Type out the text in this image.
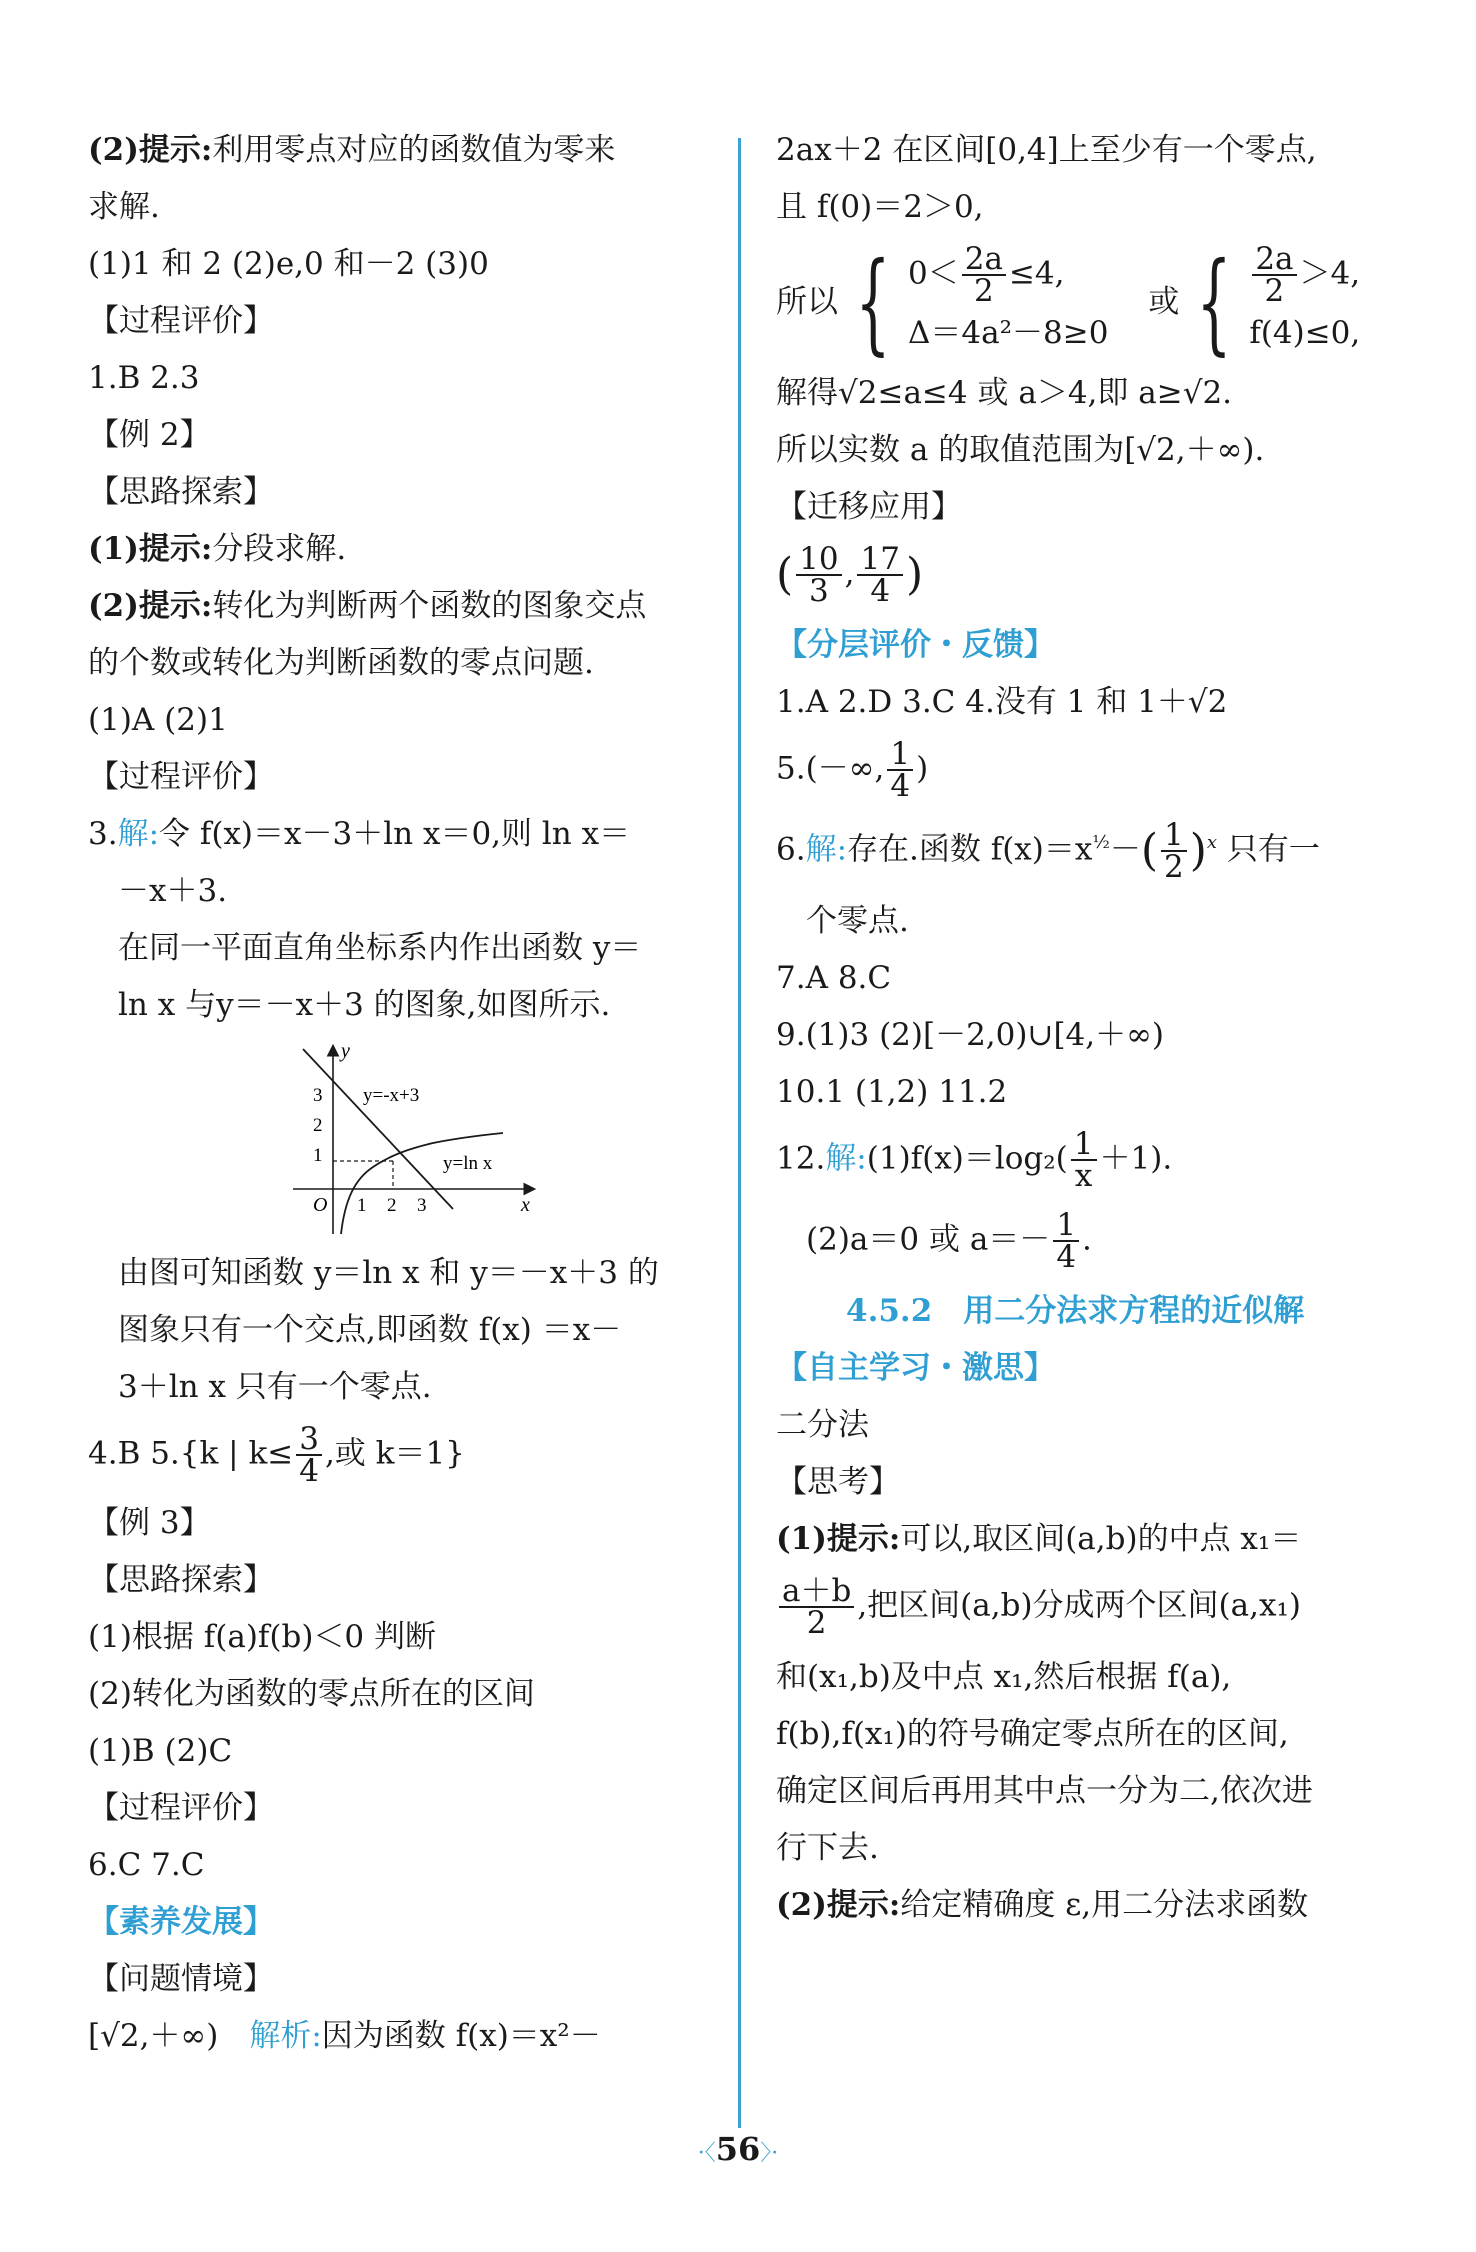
(2)提示:利用零点对应的函数值为零来
求解.
(1)1 和 2 (2)e,0 和－2 (3)0
【过程评价】
1.B 2.3
【例 2】
【思路探索】
(1)提示:分段求解.
(2)提示:转化为判断两个函数的图象交点
的个数或转化为判断函数的零点问题.
(1)A (2)1
【过程评价】
3.解:令 f(x)＝x－3＋ln x＝0,则 ln x＝
－x＋3.
在同一平面直角坐标系内作出函数 y＝
ln x 与y＝－x＋3 的图象,如图所示.
y
x
O
3
2
1
1 2 3
y=-x+3
y=ln x
由图可知函数 y＝ln x 和 y＝－x＋3 的
图象只有一个交点,即函数 f(x) ＝x－
3＋ln x 只有一个零点.
4.B 5.{k | $k\le \frac{3}{4}$ ,或 k＝1}
【例 3】
【思路探索】
(1)根据 f(a)f(b)＜0 判断
(2)转化为函数的零点所在的区间
(1)B (2)C
【过程评价】
6.C 7.C
【素养发展】
【问题情境】
[√2,＋∞)　 解析:因为函数 f(x)＝x²－
2ax＋2 在区间[0,4]上至少有一个零点,
且 f(0)＝2＞0,
所以 { $0< \frac{2a}{2} \le 4$,
Δ＝4a²－8≥0
或 { $\frac{2a}{2} >4$,
f(4)≤0,
解得√2≤a≤4 或 a＞4,即 a≥√2.
所以实数 a 的取值范围为[√2,＋∞).
【迁移应用】
( $\frac{10}{3}$ , $\frac{17}{4}$ )
【分层评价・反馈】
1.A 2.D 3.C 4.没有 1 和 1＋√2
5.(－∞, $\frac{1}{4}$ )
6.解:存在.函数 $f(x)=x^{\frac{1}{2}}-( \frac{1}{2} )^x$ 只有一
个零点.
7.A 8.C
9.(1)3 (2)[－2,0)∪[4,＋∞)
10.1 (1,2) 11.2
12.解:(1)f(x)＝log₂( $\frac{1}{x} +1$).
(2)a＝0 或 $a=- \frac{1}{4}$ .
4.5.2　用二分法求方程的近似解
【自主学习・激思】
二分法
【思考】
(1)提示:可以,取区间(a,b)的中点 x₁＝
$\frac{a+b}{2}$ ,把区间(a,b)分成两个区间(a,x₁)
和(x₁,b)及中点 x₁,然后根据 f(a),
f(b),f(x₁)的符号确定零点所在的区间,
确定区间后再用其中点一分为二,依次进
行下去.
(2)提示:给定精确度 ε,用二分法求函数
·〈56〉·
